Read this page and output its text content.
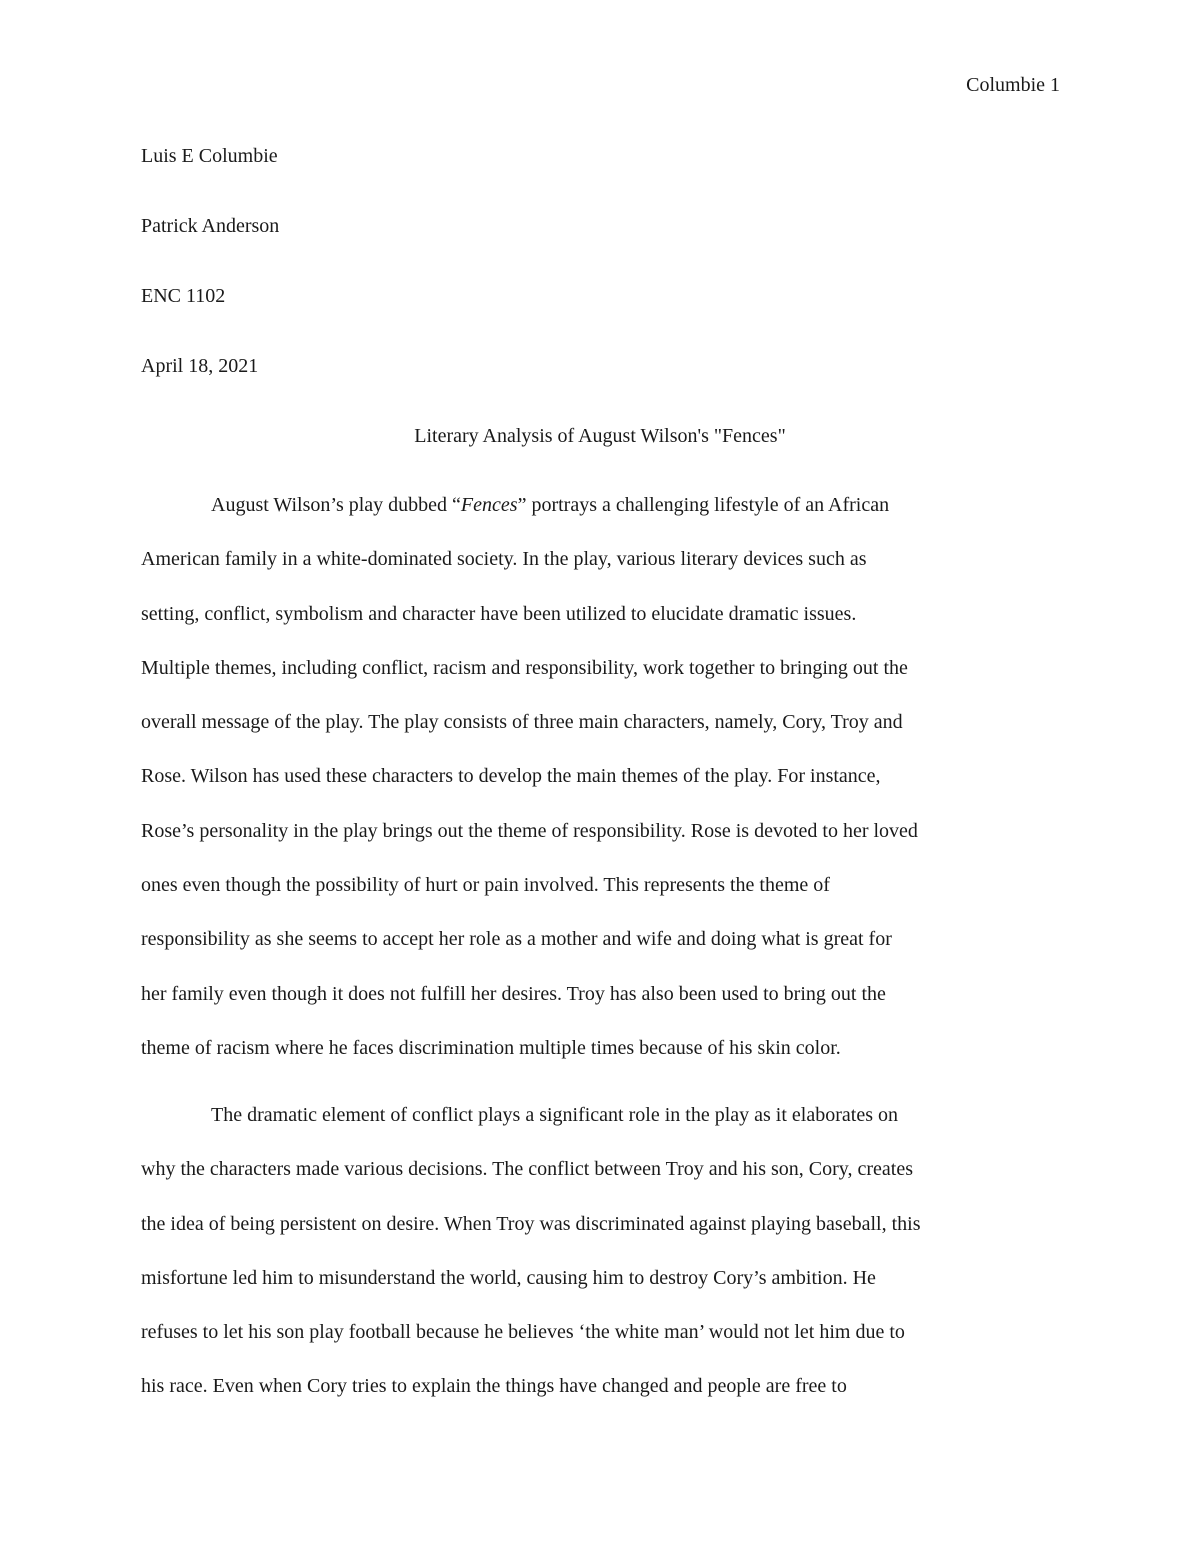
Columbie 1

Luis E Columbie

Patrick Anderson

ENC 1102

April 18, 2021

Literary Analysis of August Wilson's "Fences"

August Wilson’s play dubbed “Fences” portrays a challenging lifestyle of an African
American family in a white-dominated society. In the play, various literary devices such as
setting, conflict, symbolism and character have been utilized to elucidate dramatic issues.
Multiple themes, including conflict, racism and responsibility, work together to bringing out the
overall message of the play. The play consists of three main characters, namely, Cory, Troy and
Rose. Wilson has used these characters to develop the main themes of the play. For instance,
Rose’s personality in the play brings out the theme of responsibility. Rose is devoted to her loved
ones even though the possibility of hurt or pain involved. This represents the theme of
responsibility as she seems to accept her role as a mother and wife and doing what is great for
her family even though it does not fulfill her desires. Troy has also been used to bring out the
theme of racism where he faces discrimination multiple times because of his skin color.
The dramatic element of conflict plays a significant role in the play as it elaborates on
why the characters made various decisions. The conflict between Troy and his son, Cory, creates
the idea of being persistent on desire. When Troy was discriminated against playing baseball, this
misfortune led him to misunderstand the world, causing him to destroy Cory’s ambition. He
refuses to let his son play football because he believes ‘the white man’ would not let him due to
his race. Even when Cory tries to explain the things have changed and people are free to
